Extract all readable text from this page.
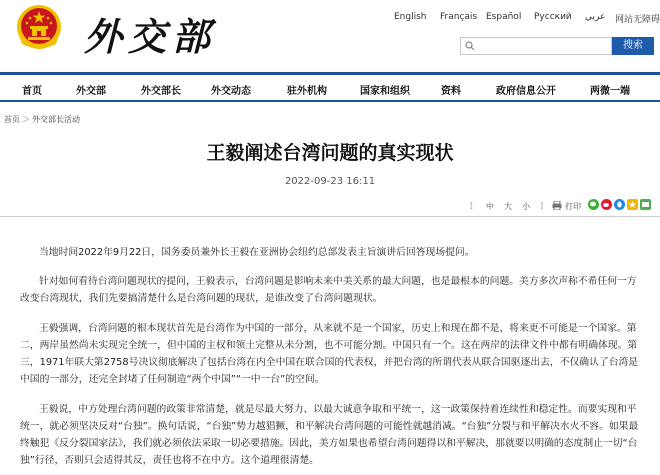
外交部	English Français Español Русский عربي 网站无障碍
搜索
首页	外交部	外交部长	外交动态	驻外机构	国家和组织	资料	政府信息公开	两微一端
首页 ＞ 外交部长活动
王毅阐述台湾问题的真实现状
2022-09-23 16:11
[ 中 大 小 ]	打印

当地时间2022年9月22日，国务委员兼外长王毅在亚洲协会纽约总部发表主旨演讲后回答现场提问。

针对如何看待台湾问题现状的提问，王毅表示，台湾问题是影响未来中美关系的最大问题，也是最根本的问题。美方多次声称不希任何一方改变台湾现状，我们先要搞清楚什么是台湾问题的现状，是谁改变了台湾问题现状。

王毅强调，台湾问题的根本现状首先是台湾作为中国的一部分，从来就不是一个国家，历史上和现在都不是，将来更不可能是一个国家。第二，两岸虽然尚未实现完全统一，但中国的主权和领土完整从未分割，也不可能分割。中国只有一个。这在两岸的法律文件中都有明确体现。第三，1971年联大第2758号决议彻底解决了包括台湾在内全中国在联合国的代表权，并把台湾的所谓代表从联合国驱逐出去，不仅确认了台湾是中国的一部分，还完全封堵了任何制造“两个中国”“一中一台”的空间。

王毅说，中方处理台湾问题的政策非常清楚，就是尽最大努力、以最大诚意争取和平统一，这一政策保持着连续性和稳定性。而要实现和平统一，就必须坚决反对“台独”。换句话说，“台独”势力越猖獗，和平解决台湾问题的可能性就越消减。“台独”分裂与和平解决水火不容。如果最终触犯《反分裂国家法》，我们就必须依法采取一切必要措施。因此，美方如果也希望台湾问题得以和平解决，那就要以明确的态度制止一切“台独”行径，否则只会适得其反，责任也将不在中方。这个道理很清楚。
